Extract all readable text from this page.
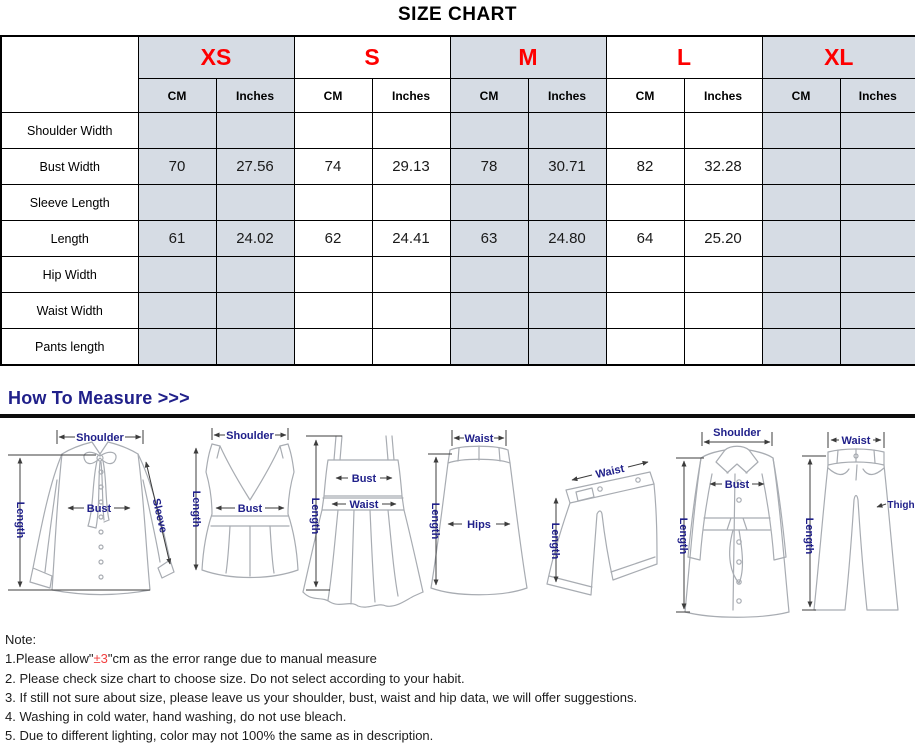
SIZE CHART
	XS		S		M		L		XL	
	CM	Inches	CM	Inches	CM	Inches	CM	Inches	CM	Inches
Shoulder Width										
Bust Width	70	27.56	74	29.13	78	30.71	82	32.28		
Sleeve Length										
Length	61	24.02	62	24.41	63	24.80	64	25.20		
Hip Width										
Waist Width										
Pants length										
How To Measure >>>
Shoulder
Length	Bust	Sleeve
Shoulder
Length	Bust
Bust
Waist
Length
Waist
Hips
Length
Waist
Length
Shoulder
Bust
Length
Waist
Thigh
Length
Note:
1.Please allow"±3"cm as the error range due to manual measure
2. Please check size chart to choose size. Do not select according to your habit.
3. If still not sure about size, please leave us your shoulder, bust, waist and hip data, we will offer suggestions.
4. Washing in cold water, hand washing, do not use bleach.
5. Due to different lighting, color may not 100% the same as in description.
